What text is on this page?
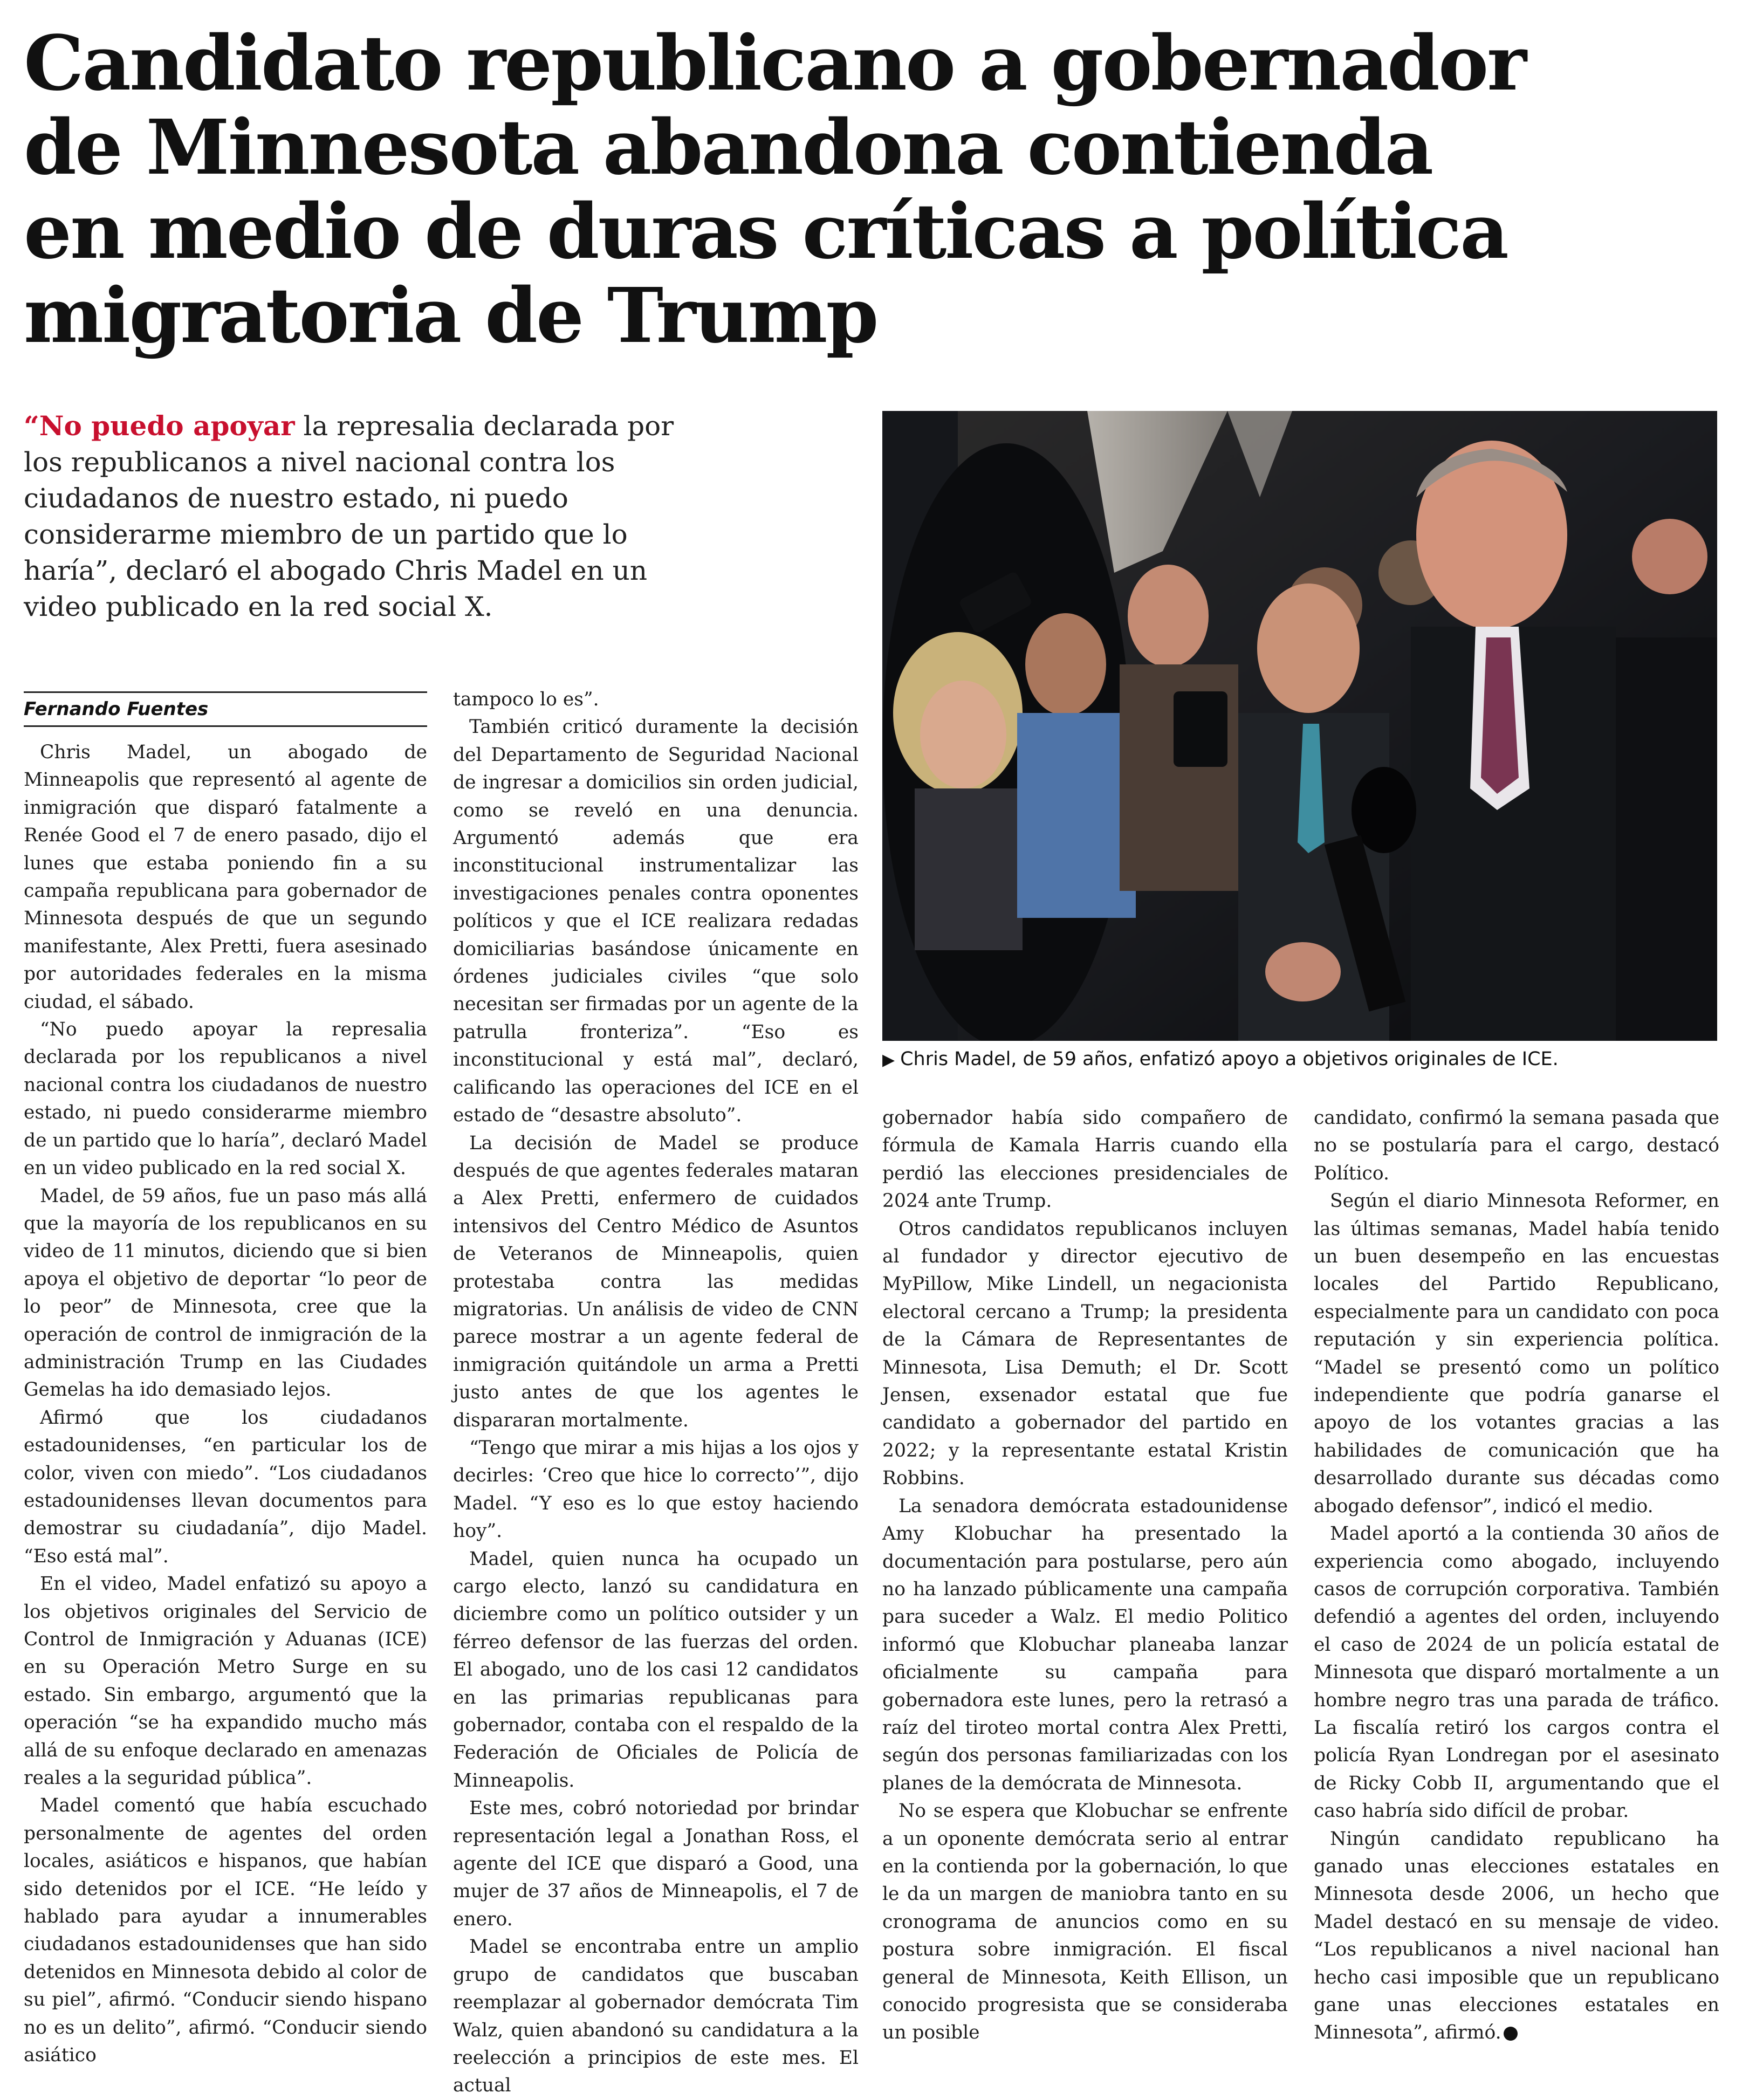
Candidato republicano a gobernador de Minnesota abandona contienda en medio de duras críticas a política migratoria de Trump

“No puedo apoyar la represalia declarada por los republicanos a nivel nacional contra los ciudadanos de nuestro estado, ni puedo considerarme miembro de un partido que lo haría”, declaró el abogado Chris Madel en un video publicado en la red social X.

▶ Chris Madel, de 59 años, enfatizó apoyo a objetivos originales de ICE.

Fernando Fuentes

Chris Madel, un abogado de Minneapolis que representó al agente de inmigración que disparó fatalmente a Renée Good el 7 de enero pasado, dijo el lunes que estaba poniendo fin a su campaña republicana para gobernador de Minnesota después de que un segundo manifestante, Alex Pretti, fuera asesinado por autoridades federales en la misma ciudad, el sábado.

“No puedo apoyar la represalia declarada por los republicanos a nivel nacional contra los ciudadanos de nuestro estado, ni puedo considerarme miembro de un partido que lo haría”, declaró Madel en un video publicado en la red social X.

Madel, de 59 años, fue un paso más allá que la mayoría de los republicanos en su video de 11 minutos, diciendo que si bien apoya el objetivo de deportar “lo peor de lo peor” de Minnesota, cree que la operación de control de inmigración de la administración Trump en las Ciudades Gemelas ha ido demasiado lejos.

Afirmó que los ciudadanos estadounidenses, “en particular los de color, viven con miedo”. “Los ciudadanos estadounidenses llevan documentos para demostrar su ciudadanía”, dijo Madel. “Eso está mal”.

En el video, Madel enfatizó su apoyo a los objetivos originales del Servicio de Control de Inmigración y Aduanas (ICE) en su Operación Metro Surge en su estado. Sin embargo, argumentó que la operación “se ha expandido mucho más allá de su enfoque declarado en amenazas reales a la seguridad pública”.

Madel comentó que había escuchado personalmente de agentes del orden locales, asiáticos e hispanos, que habían sido detenidos por el ICE. “He leído y hablado para ayudar a innumerables ciudadanos estadounidenses que han sido detenidos en Minnesota debido al color de su piel”, afirmó. “Conducir siendo hispano no es un delito”, afirmó. “Conducir siendo asiático

tampoco lo es”.

También criticó duramente la decisión del Departamento de Seguridad Nacional de ingresar a domicilios sin orden judicial, como se reveló en una denuncia. Argumentó además que era inconstitucional instrumentalizar las investigaciones penales contra oponentes políticos y que el ICE realizara redadas domiciliarias basándose únicamente en órdenes judiciales civiles “que solo necesitan ser firmadas por un agente de la patrulla fronteriza”. “Eso es inconstitucional y está mal”, declaró, calificando las operaciones del ICE en el estado de “desastre absoluto”.

La decisión de Madel se produce después de que agentes federales mataran a Alex Pretti, enfermero de cuidados intensivos del Centro Médico de Asuntos de Veteranos de Minneapolis, quien protestaba contra las medidas migratorias. Un análisis de video de CNN parece mostrar a un agente federal de inmigración quitándole un arma a Pretti justo antes de que los agentes le dispararan mortalmente.

“Tengo que mirar a mis hijas a los ojos y decirles: ‘Creo que hice lo correcto’”, dijo Madel. “Y eso es lo que estoy haciendo hoy”.

Madel, quien nunca ha ocupado un cargo electo, lanzó su candidatura en diciembre como un político outsider y un férreo defensor de las fuerzas del orden. El abogado, uno de los casi 12 candidatos en las primarias republicanas para gobernador, contaba con el respaldo de la Federación de Oficiales de Policía de Minneapolis.

Este mes, cobró notoriedad por brindar representación legal a Jonathan Ross, el agente del ICE que disparó a Good, una mujer de 37 años de Minneapolis, el 7 de enero.

Madel se encontraba entre un amplio grupo de candidatos que buscaban reemplazar al gobernador demócrata Tim Walz, quien abandonó su candidatura a la reelección a principios de este mes. El actual

gobernador había sido compañero de fórmula de Kamala Harris cuando ella perdió las elecciones presidenciales de 2024 ante Trump.

Otros candidatos republicanos incluyen al fundador y director ejecutivo de MyPillow, Mike Lindell, un negacionista electoral cercano a Trump; la presidenta de la Cámara de Representantes de Minnesota, Lisa Demuth; el Dr. Scott Jensen, exsenador estatal que fue candidato a gobernador del partido en 2022; y la representante estatal Kristin Robbins.

La senadora demócrata estadounidense Amy Klobuchar ha presentado la documentación para postularse, pero aún no ha lanzado públicamente una campaña para suceder a Walz. El medio Politico informó que Klobuchar planeaba lanzar oficialmente su campaña para gobernadora este lunes, pero la retrasó a raíz del tiroteo mortal contra Alex Pretti, según dos personas familiarizadas con los planes de la demócrata de Minnesota.

No se espera que Klobuchar se enfrente a un oponente demócrata serio al entrar en la contienda por la gobernación, lo que le da un margen de maniobra tanto en su cronograma de anuncios como en su postura sobre inmigración. El fiscal general de Minnesota, Keith Ellison, un conocido progresista que se consideraba un posible

candidato, confirmó la semana pasada que no se postularía para el cargo, destacó Político.

Según el diario Minnesota Reformer, en las últimas semanas, Madel había tenido un buen desempeño en las encuestas locales del Partido Republicano, especialmente para un candidato con poca reputación y sin experiencia política. “Madel se presentó como un político independiente que podría ganarse el apoyo de los votantes gracias a las habilidades de comunicación que ha desarrollado durante sus décadas como abogado defensor”, indicó el medio.

Madel aportó a la contienda 30 años de experiencia como abogado, incluyendo casos de corrupción corporativa. También defendió a agentes del orden, incluyendo el caso de 2024 de un policía estatal de Minnesota que disparó mortalmente a un hombre negro tras una parada de tráfico. La fiscalía retiró los cargos contra el policía Ryan Londregan por el asesinato de Ricky Cobb II, argumentando que el caso habría sido difícil de probar.

Ningún candidato republicano ha ganado unas elecciones estatales en Minnesota desde 2006, un hecho que Madel destacó en su mensaje de video. “Los republicanos a nivel nacional han hecho casi imposible que un republicano gane unas elecciones estatales en Minnesota”, afirmó.
